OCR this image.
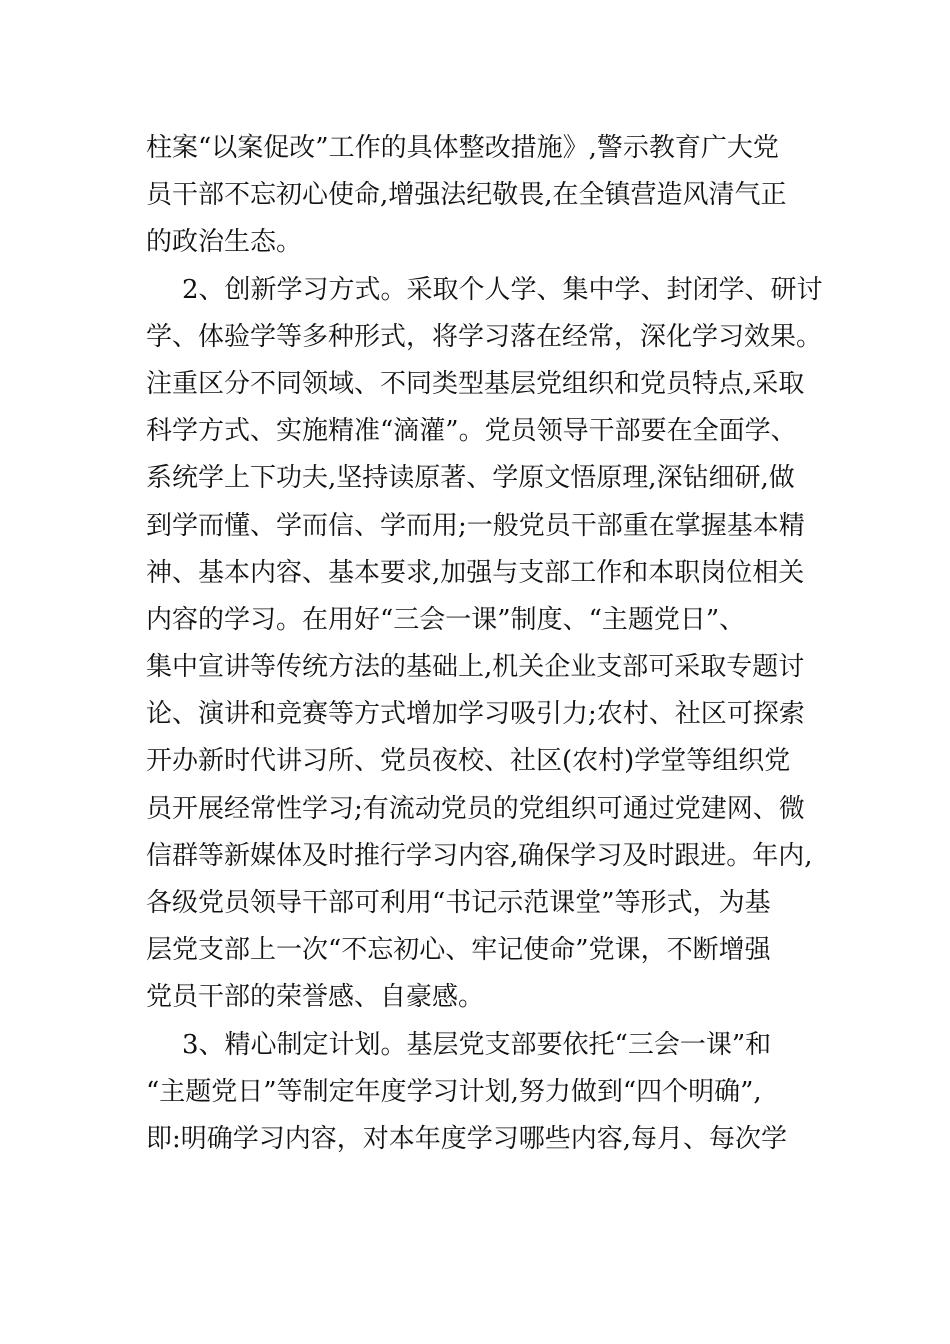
柱案“以案促改”工作的具体整改措施》,警示教育广大党
员干部不忘初心使命,增强法纪敬畏,在全镇营造风清气正
的政治生态。
2、创新学习方式。采取个人学、集中学、封闭学、研讨
学、体验学等多种形式，将学习落在经常，深化学习效果。
注重区分不同领域、不同类型基层党组织和党员特点,采取
科学方式、实施精准“滴灌”。党员领导干部要在全面学、
系统学上下功夫,坚持读原著、学原文悟原理,深钻细研,做
到学而懂、学而信、学而用;一般党员干部重在掌握基本精
神、基本内容、基本要求,加强与支部工作和本职岗位相关
内容的学习。在用好“三会一课”制度、“主题党日”、
集中宣讲等传统方法的基础上,机关企业支部可采取专题讨
论、演讲和竞赛等方式增加学习吸引力;农村、社区可探索
开办新时代讲习所、党员夜校、社区(农村)学堂等组织党
员开展经常性学习;有流动党员的党组织可通过党建网、微
信群等新媒体及时推行学习内容,确保学习及时跟进。年内,
各级党员领导干部可利用“书记示范课堂”等形式，为基
层党支部上一次“不忘初心、牢记使命”党课，不断增强
党员干部的荣誉感、自豪感。
3、精心制定计划。基层党支部要依托“三会一课”和
“主题党日”等制定年度学习计划,努力做到“四个明确”,
即:明确学习内容，对本年度学习哪些内容,每月、每次学
